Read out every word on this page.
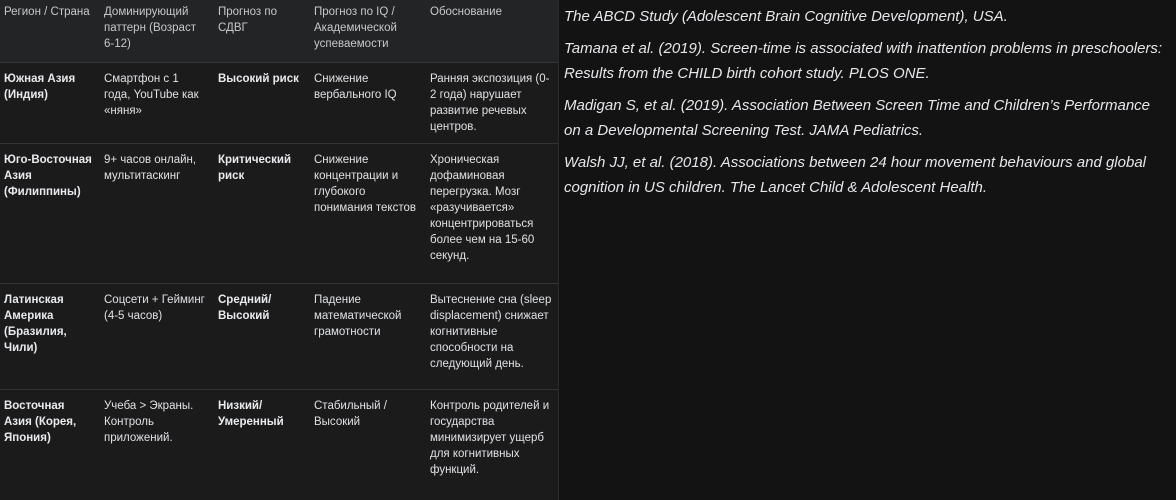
Регион / Страна	Доминирующий паттерн (Возраст 6-12)	Прогноз по СДВГ	Прогноз по IQ / Академической успеваемости	Обоснование
Южная Азия (Индия)	Смартфон с 1 года, YouTube как «няня»	Высокий риск	Снижение вербального IQ	Ранняя экспозиция (0-2 года) нарушает развитие речевых центров.
Юго-Восточная Азия (Филиппины)	9+ часов онлайн, мультитаскинг	Критический риск	Снижение концентрации и глубокого понимания текстов	Хроническая дофаминовая перегрузка. Мозг «разучивается» концентрироваться более чем на 15-60 секунд.
Латинская Америка (Бразилия, Чили)	Соцсети + Гейминг (4-5 часов)	Средний/ Высокий	Падение математической грамотности	Вытеснение сна (sleep displacement) снижает когнитивные способности на следующий день.
Восточная Азия (Корея, Япония)	Учеба > Экраны. Контроль приложений.	Низкий/ Умеренный	Стабильный / Высокий	Контроль родителей и государства минимизирует ущерб для когнитивных функций.

The ABCD Study (Adolescent Brain Cognitive Development), USA.

Tamana et al. (2019). Screen-time is associated with inattention problems in preschoolers: Results from the CHILD birth cohort study. PLOS ONE.

Madigan S, et al. (2019). Association Between Screen Time and Children’s Performance on a Developmental Screening Test. JAMA Pediatrics.

Walsh JJ, et al. (2018). Associations between 24 hour movement behaviours and global cognition in US children. The Lancet Child & Adolescent Health.
